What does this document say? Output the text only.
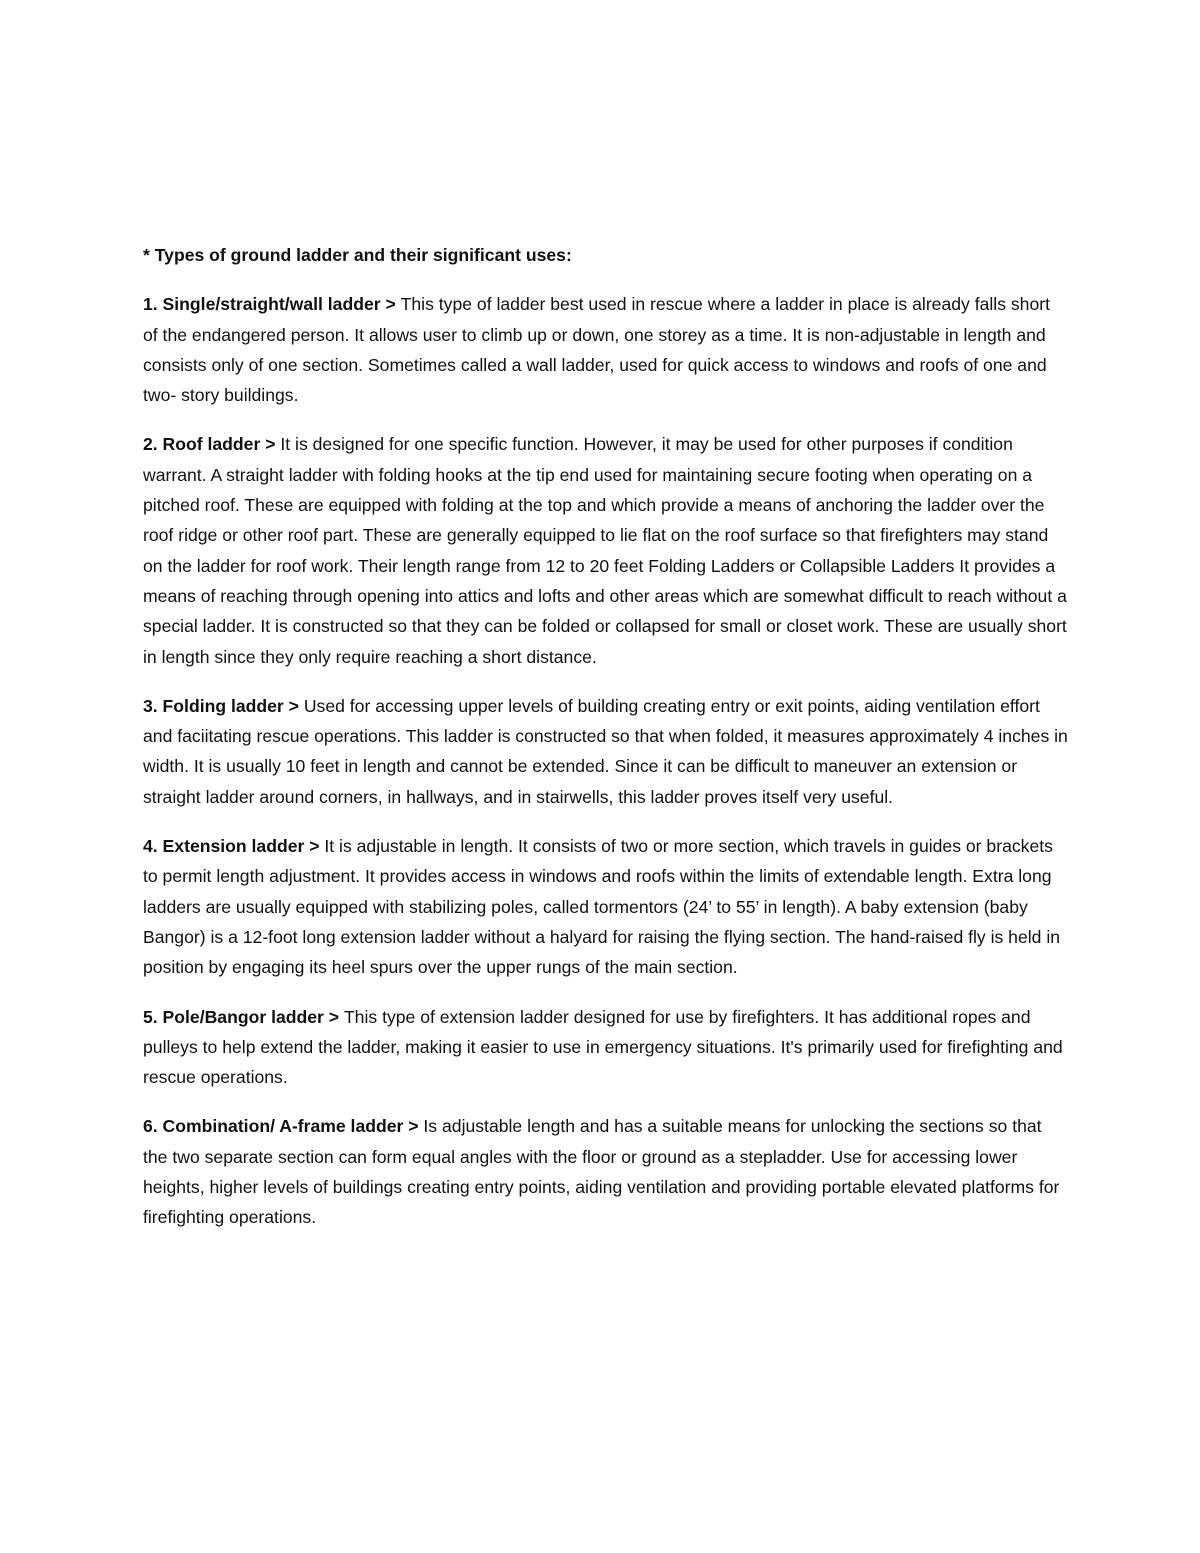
* Types of ground ladder and their significant uses:

1. Single/straight/wall ladder > This type of ladder best used in rescue where a ladder in place is already falls short of the endangered person. It allows user to climb up or down, one storey as a time. It is non-adjustable in length and consists only of one section. Sometimes called a wall ladder, used for quick access to windows and roofs of one and two- story buildings.

2. Roof ladder > It is designed for one specific function. However, it may be used for other purposes if condition warrant. A straight ladder with folding hooks at the tip end used for maintaining secure footing when operating on a pitched roof. These are equipped with folding at the top and which provide a means of anchoring the ladder over the roof ridge or other roof part. These are generally equipped to lie flat on the roof surface so that firefighters may stand on the ladder for roof work. Their length range from 12 to 20 feet Folding Ladders or Collapsible Ladders It provides a means of reaching through opening into attics and lofts and other areas which are somewhat difficult to reach without a special ladder. It is constructed so that they can be folded or collapsed for small or closet work. These are usually short in length since they only require reaching a short distance.

3. Folding ladder > Used for accessing upper levels of building creating entry or exit points, aiding ventilation effort and faciitating rescue operations. This ladder is constructed so that when folded, it measures approximately 4 inches in width. It is usually 10 feet in length and cannot be extended. Since it can be difficult to maneuver an extension or straight ladder around corners, in hallways, and in stairwells, this ladder proves itself very useful.

4. Extension ladder > It is adjustable in length. It consists of two or more section, which travels in guides or brackets to permit length adjustment. It provides access in windows and roofs within the limits of extendable length. Extra long ladders are usually equipped with stabilizing poles, called tormentors (24’ to 55’ in length). A baby extension (baby Bangor) is a 12-foot long extension ladder without a halyard for raising the flying section. The hand-raised fly is held in position by engaging its heel spurs over the upper rungs of the main section.

5. Pole/Bangor ladder > This type of extension ladder designed for use by firefighters. It has additional ropes and pulleys to help extend the ladder, making it easier to use in emergency situations. It's primarily used for firefighting and rescue operations.

6. Combination/ A-frame ladder > Is adjustable length and has a suitable means for unlocking the sections so that the two separate section can form equal angles with the floor or ground as a stepladder. Use for accessing lower heights, higher levels of buildings creating entry points, aiding ventilation and providing portable elevated platforms for firefighting operations.
